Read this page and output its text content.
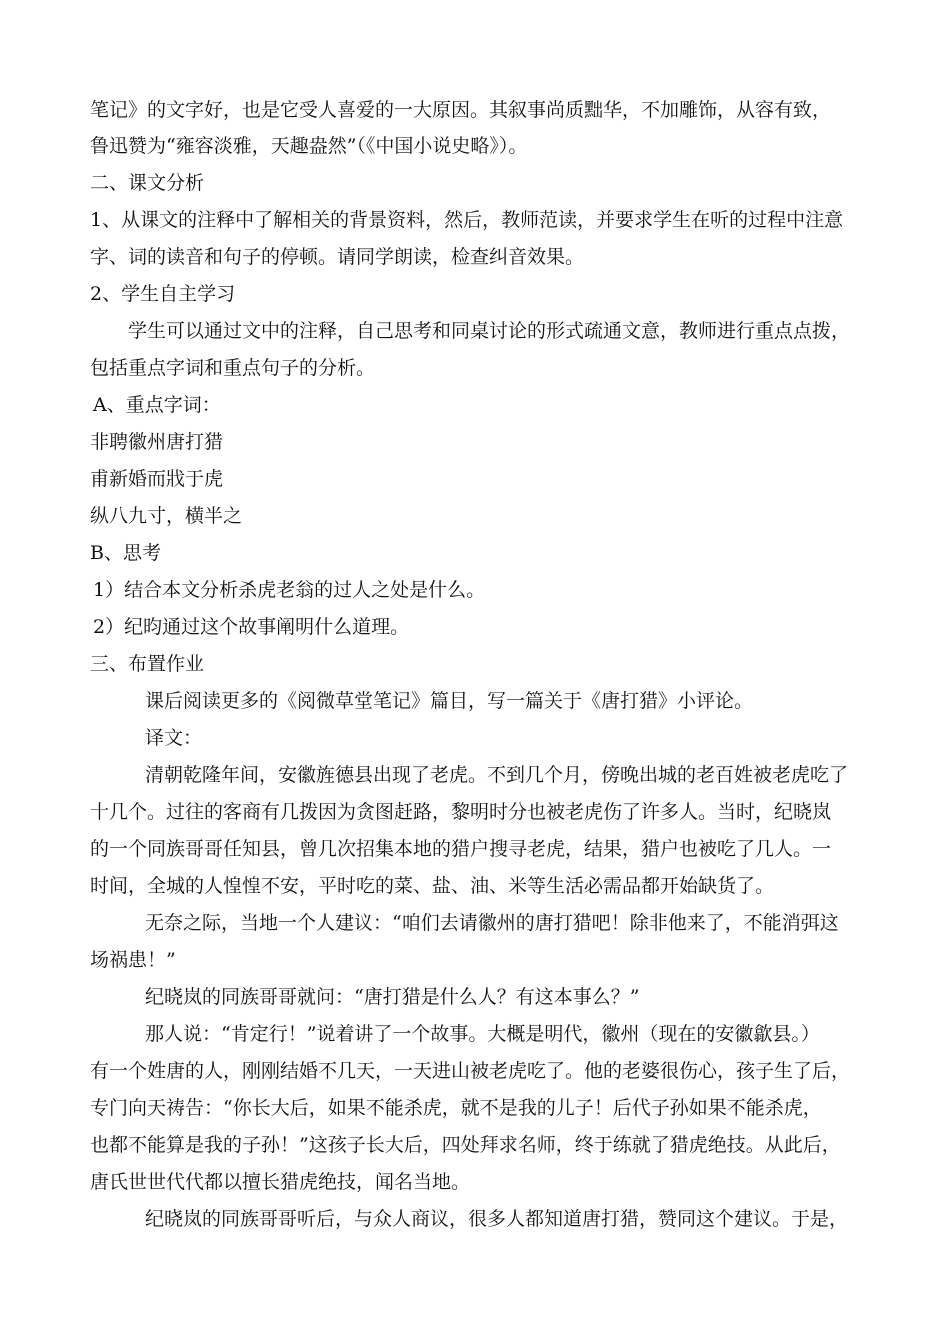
笔记》的文字好，也是它受人喜爱的一大原因。其叙事尚质黜华，不加雕饰，从容有致，
鲁迅赞为“雍容淡雅，天趣盎然”（《中国小说史略》）。
二、课文分析
1、从课文的注释中了解相关的背景资料，然后，教师范读，并要求学生在听的过程中注意
字、词的读音和句子的停顿。请同学朗读，检查纠音效果。
2、学生自主学习
学生可以通过文中的注释，自己思考和同桌讨论的形式疏通文意，教师进行重点点拨，
包括重点字词和重点句子的分析。
A、重点字词：
非聘徽州唐打猎
甫新婚而戕于虎
纵八九寸，横半之
B、思考
1）结合本文分析杀虎老翁的过人之处是什么。
2）纪昀通过这个故事阐明什么道理。
三、布置作业
课后阅读更多的《阅微草堂笔记》篇目，写一篇关于《唐打猎》小评论。
译文：
清朝乾隆年间，安徽旌德县出现了老虎。不到几个月，傍晚出城的老百姓被老虎吃了
十几个。过往的客商有几拨因为贪图赶路，黎明时分也被老虎伤了许多人。当时，纪晓岚
的一个同族哥哥任知县，曾几次招集本地的猎户搜寻老虎，结果，猎户也被吃了几人。一
时间，全城的人惶惶不安，平时吃的菜、盐、油、米等生活必需品都开始缺货了。
无奈之际，当地一个人建议：“咱们去请徽州的唐打猎吧！除非他来了，不能消弭这
场祸患！”
纪晓岚的同族哥哥就问：“唐打猎是什么人？有这本事么？”
那人说：“肯定行！”说着讲了一个故事。大概是明代，徽州（现在的安徽歙县。）
有一个姓唐的人，刚刚结婚不几天，一天进山被老虎吃了。他的老婆很伤心，孩子生了后，
专门向天祷告：“你长大后，如果不能杀虎，就不是我的儿子！后代子孙如果不能杀虎，
也都不能算是我的子孙！”这孩子长大后，四处拜求名师，终于练就了猎虎绝技。从此后，
唐氏世世代代都以擅长猎虎绝技，闻名当地。
纪晓岚的同族哥哥听后，与众人商议，很多人都知道唐打猎，赞同这个建议。于是，
